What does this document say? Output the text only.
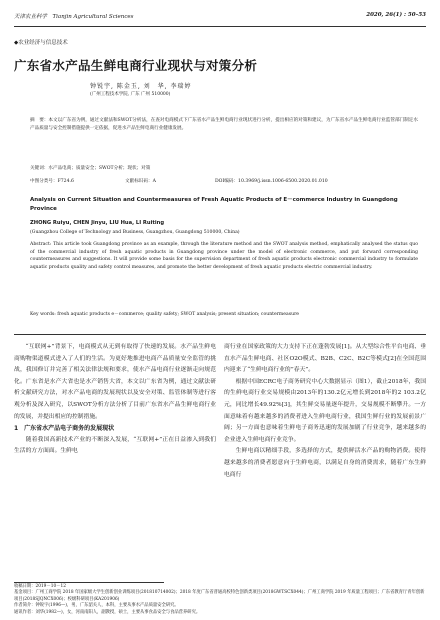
天津农业科学　Tianjin Agricultural Sciences	2020, 26(1) : 50–53
◆农业经济与信息技术
广东省水产品生鲜电商行业现状与对策分析
钟锐宇, 陈金玉, 刘　华, 李瑞婷
(广州工程技术学院, 广东 广州 510000)
摘　要：本文以广东省为例，通过文献法和SWOT分析法，在查对电商模式下广东省水产品生鲜电商行业现状进行分析，提出相应的对策和建议，为广东省水产品生鲜电商行业监管部门制定水产品质量与安全控制措施提供一定依据，促进水产品生鲜电商行业健康发展。
关键词：水产品电商；质量安全；SWOT分析；现状；对策
中图分类号：F724.6	文献标识码：A	DOI编码：10.3969/j.issn.1006-6500.2020.01.010
Analysis on Current Situation and Countermeasures of Fresh Aquatic Products of E－commerce Industry in Guangdong Province
ZHONG Ruiyu, CHEN Jinyu, LIU Hua, LI Ruiting
(Guangzhou College of Technology and Business, Guangzhou, Guangdong 510000, China)
Abstract: This article took Guangdong province as an example, through the literature method and the SWOT analysis method, emphatically analysed the status quo of the commercial industry of fresh aquatic products in Guangdong province under the model of electronic commerce, and put forward corresponding countermeasures and suggestions. It will provide some basis for the supervision department of fresh aquatic products electronic commercial industry to formulate aquatic products quality and safety control measures, and promote the better development of fresh aquatic products electric commercial industry.
Key words: fresh aquatic products e－commerce; quality safety; SWOT analysis; present situation; countermeasure

“互联网+”背景下，电商模式从无到有取得了快速的发展。水产品生鲜电商购物渠道模式进入了人们的生活。为更好地推进电商产品质量安全监管的挑战，我国修订并完善了相关法律法规和要求，使水产品电商行业逐渐走向规范化。广东省是水产大省也是水产销售大省，本文以广东省为例，通过文献法研析文献研究方法，对水产品电商的发展现状以及安全对策、监管体制等进行客观分析及深入研究，以SWOT分析方法分析了目前广东省水产品生鲜电商行业的发展，并提出相应的控制措施。

1　广东省水产品电子商务的发展现状

随着我国高新技术产业的不断深入发展，“互联网+”正在日益渗入到我们生活的方方面面。生鲜电

商行业在国家政策的大力支持下正在蓬勃发展[1]。从大型综合性平台电商、垂直水产品生鲜电商、社区O2O模式、B2B、C2C、B2C等模式[2]在全国范围内迎来了“生鲜电商行业的”春天”。

根据中国ECRC电子商务研究中心大数据显示（图1），截止2018年，我国的生鲜电商行业交易规模由2013年的130.2亿元增长到2018年的2 103.2亿元，同比增长49.92%[3]，其生鲜交易量逐年提升，交易规模不断攀升。一方面意味着有越来越多的消费者进入生鲜电商行业，我国生鲜行业的发展前景广阔；另一方面也意味着生鲜电子商务迅速的发展加剧了行业竞争，越来越多的企业进入生鲜电商行业竞争。

生鲜电商以精细手段，多选择的方式，提供鲜活水产品的购物消费。使得越来越多的消费者愿意向于生鲜电商，以满足自身的消费需求，随着广东生鲜电商行

收稿日期：2019－10－12
基金项目：广州工商学院 2018 年国家级大学生创新创业训练项目(201810714002)；2018 年度广东省普通高校特色创新类项目(2018GWTSCX044)；广州工商学院 2019 年质量工程项目；广东省教育厅青年创新项目(2018SJQNCX006)；校级科研项目(KA201906)
作者简介：钟锐宇(1996—)，男，广东韶关人，本科，主要从事水产品质量安全研究。
通讯作者：刘华(1982—)，女，河南南阳人，副教授，硕士，主要从事食品安全与食品营养研究。
